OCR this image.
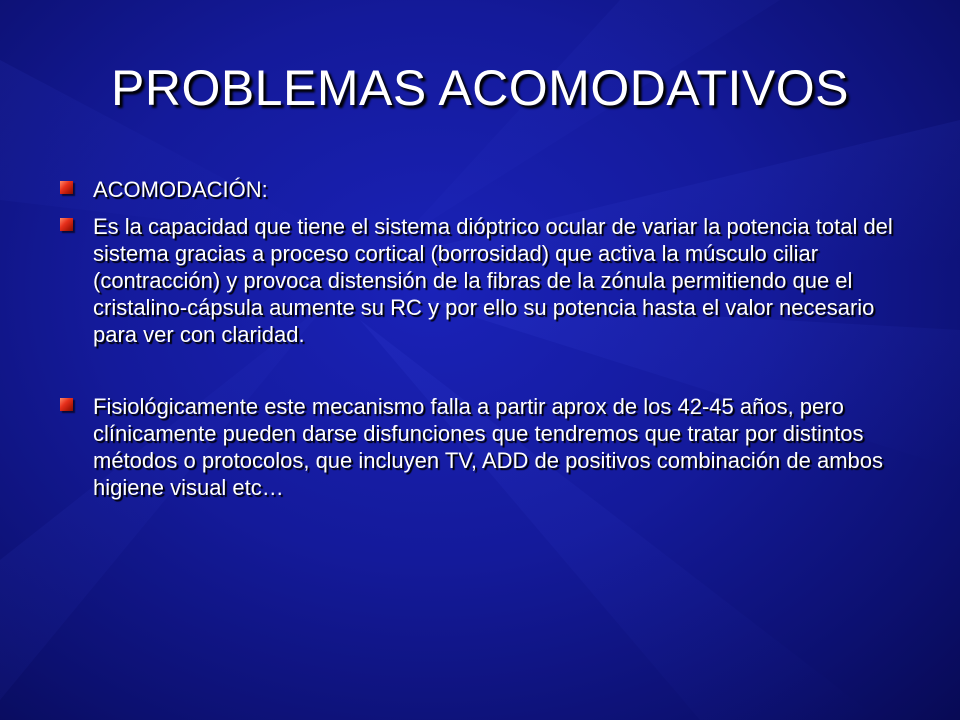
PROBLEMAS ACOMODATIVOS
ACOMODACIÓN:
Es la capacidad que tiene el sistema dióptrico ocular de variar la potencia total del sistema gracias a proceso cortical (borrosidad) que activa la músculo ciliar (contracción) y provoca distensión de la fibras de la zónula permitiendo que el cristalino-cápsula aumente su RC y por ello su potencia hasta el valor necesario para ver con claridad.
Fisiológicamente este mecanismo falla a partir aprox de los 42-45 años, pero clínicamente pueden darse disfunciones que tendremos que tratar por distintos métodos o protocolos, que incluyen TV, ADD de positivos combinación de ambos higiene visual etc…
